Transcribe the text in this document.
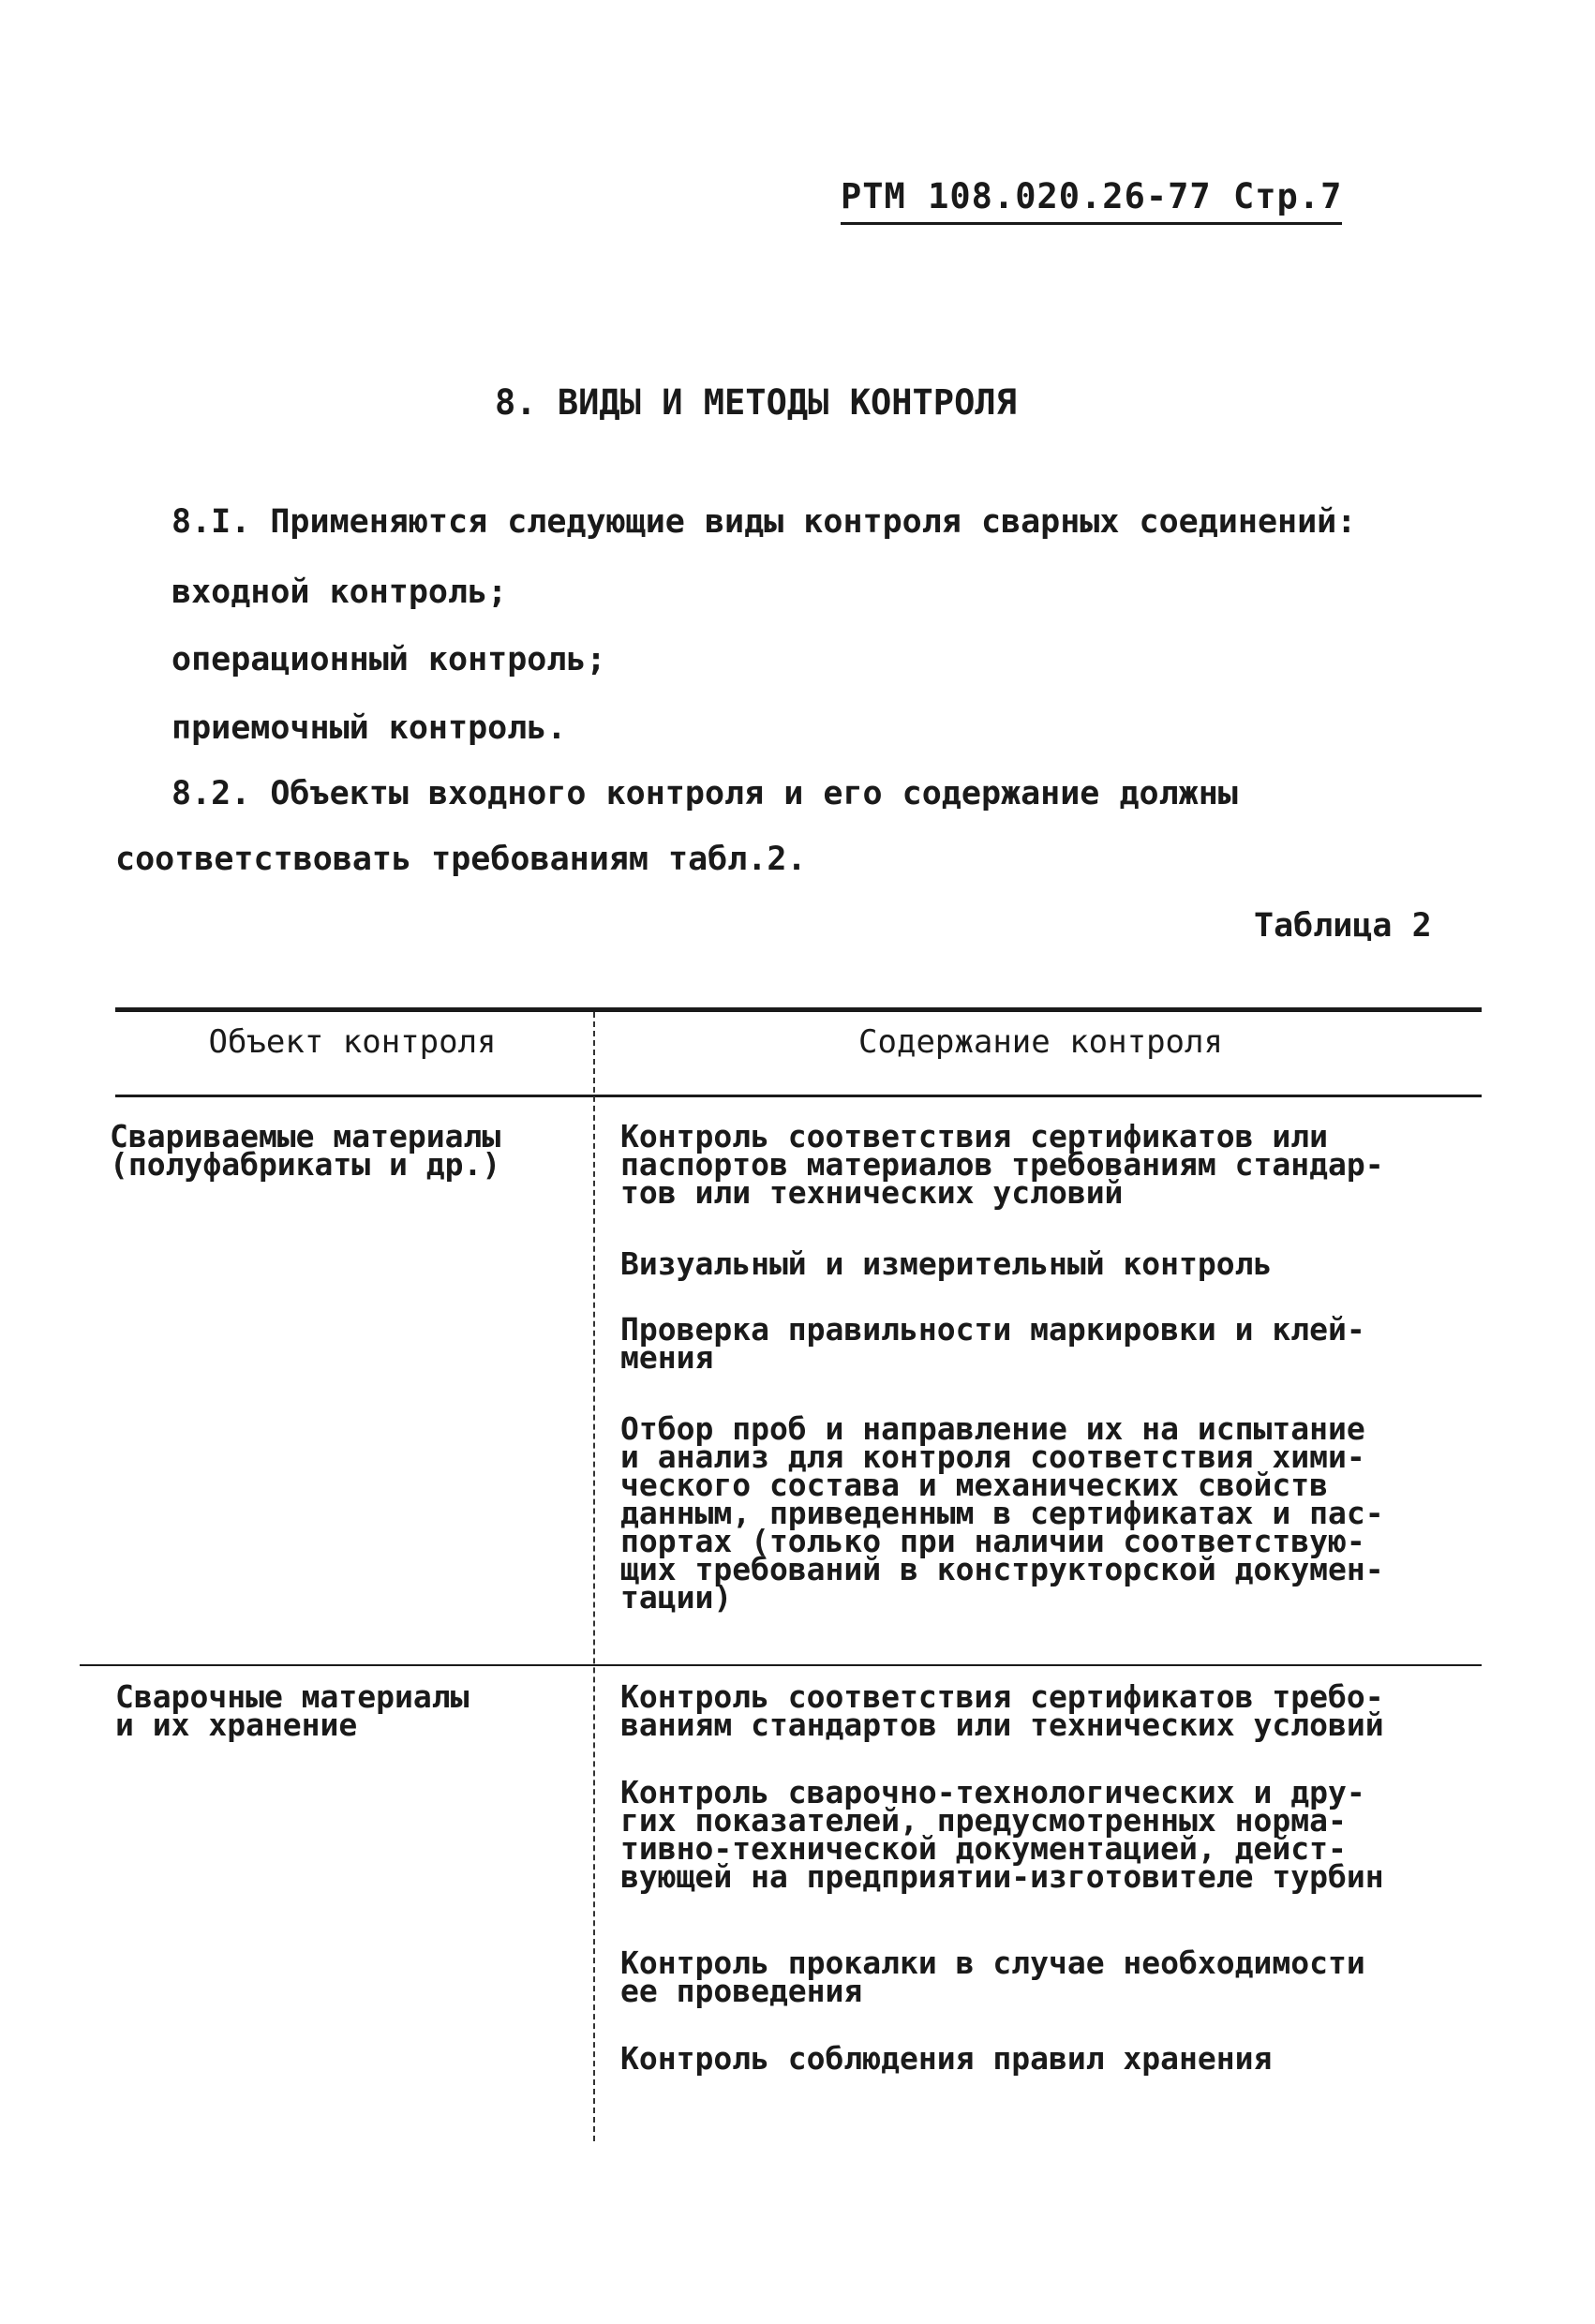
РТМ 108.020.26-77 Стр.7
8. ВИДЫ И МЕТОДЫ КОНТРОЛЯ
8.I. Применяются следующие виды контроля сварных соединений:
входной контроль;
операционный контроль;
приемочный контроль.
8.2. Объекты входного контроля и его содержание должны
соответствовать требованиям табл.2.
Таблица 2
Объект контроля	Содержание контроля
Свариваемые материалы
(полуфабрикаты и др.)
Контроль соответствия сертификатов или
паспортов материалов требованиям стандар-
тов или технических условий
Визуальный и измерительный контроль
Проверка правильности маркировки и клей-
мения
Отбор проб и направление их на испытание
и анализ для контроля соответствия хими-
ческого состава и механических свойств
данным, приведенным в сертификатах и пас-
портах (только при наличии соответствую-
щих требований в конструкторской докумен-
тации)
Сварочные материалы
и их хранение
Контроль соответствия сертификатов требо-
ваниям стандартов или технических условий
Контроль сварочно-технологических и дру-
гих показателей, предусмотренных норма-
тивно-технической документацией, дейст-
вующей на предприятии-изготовителе турбин
Контроль прокалки в случае необходимости
ее проведения
Контроль соблюдения правил хранения
